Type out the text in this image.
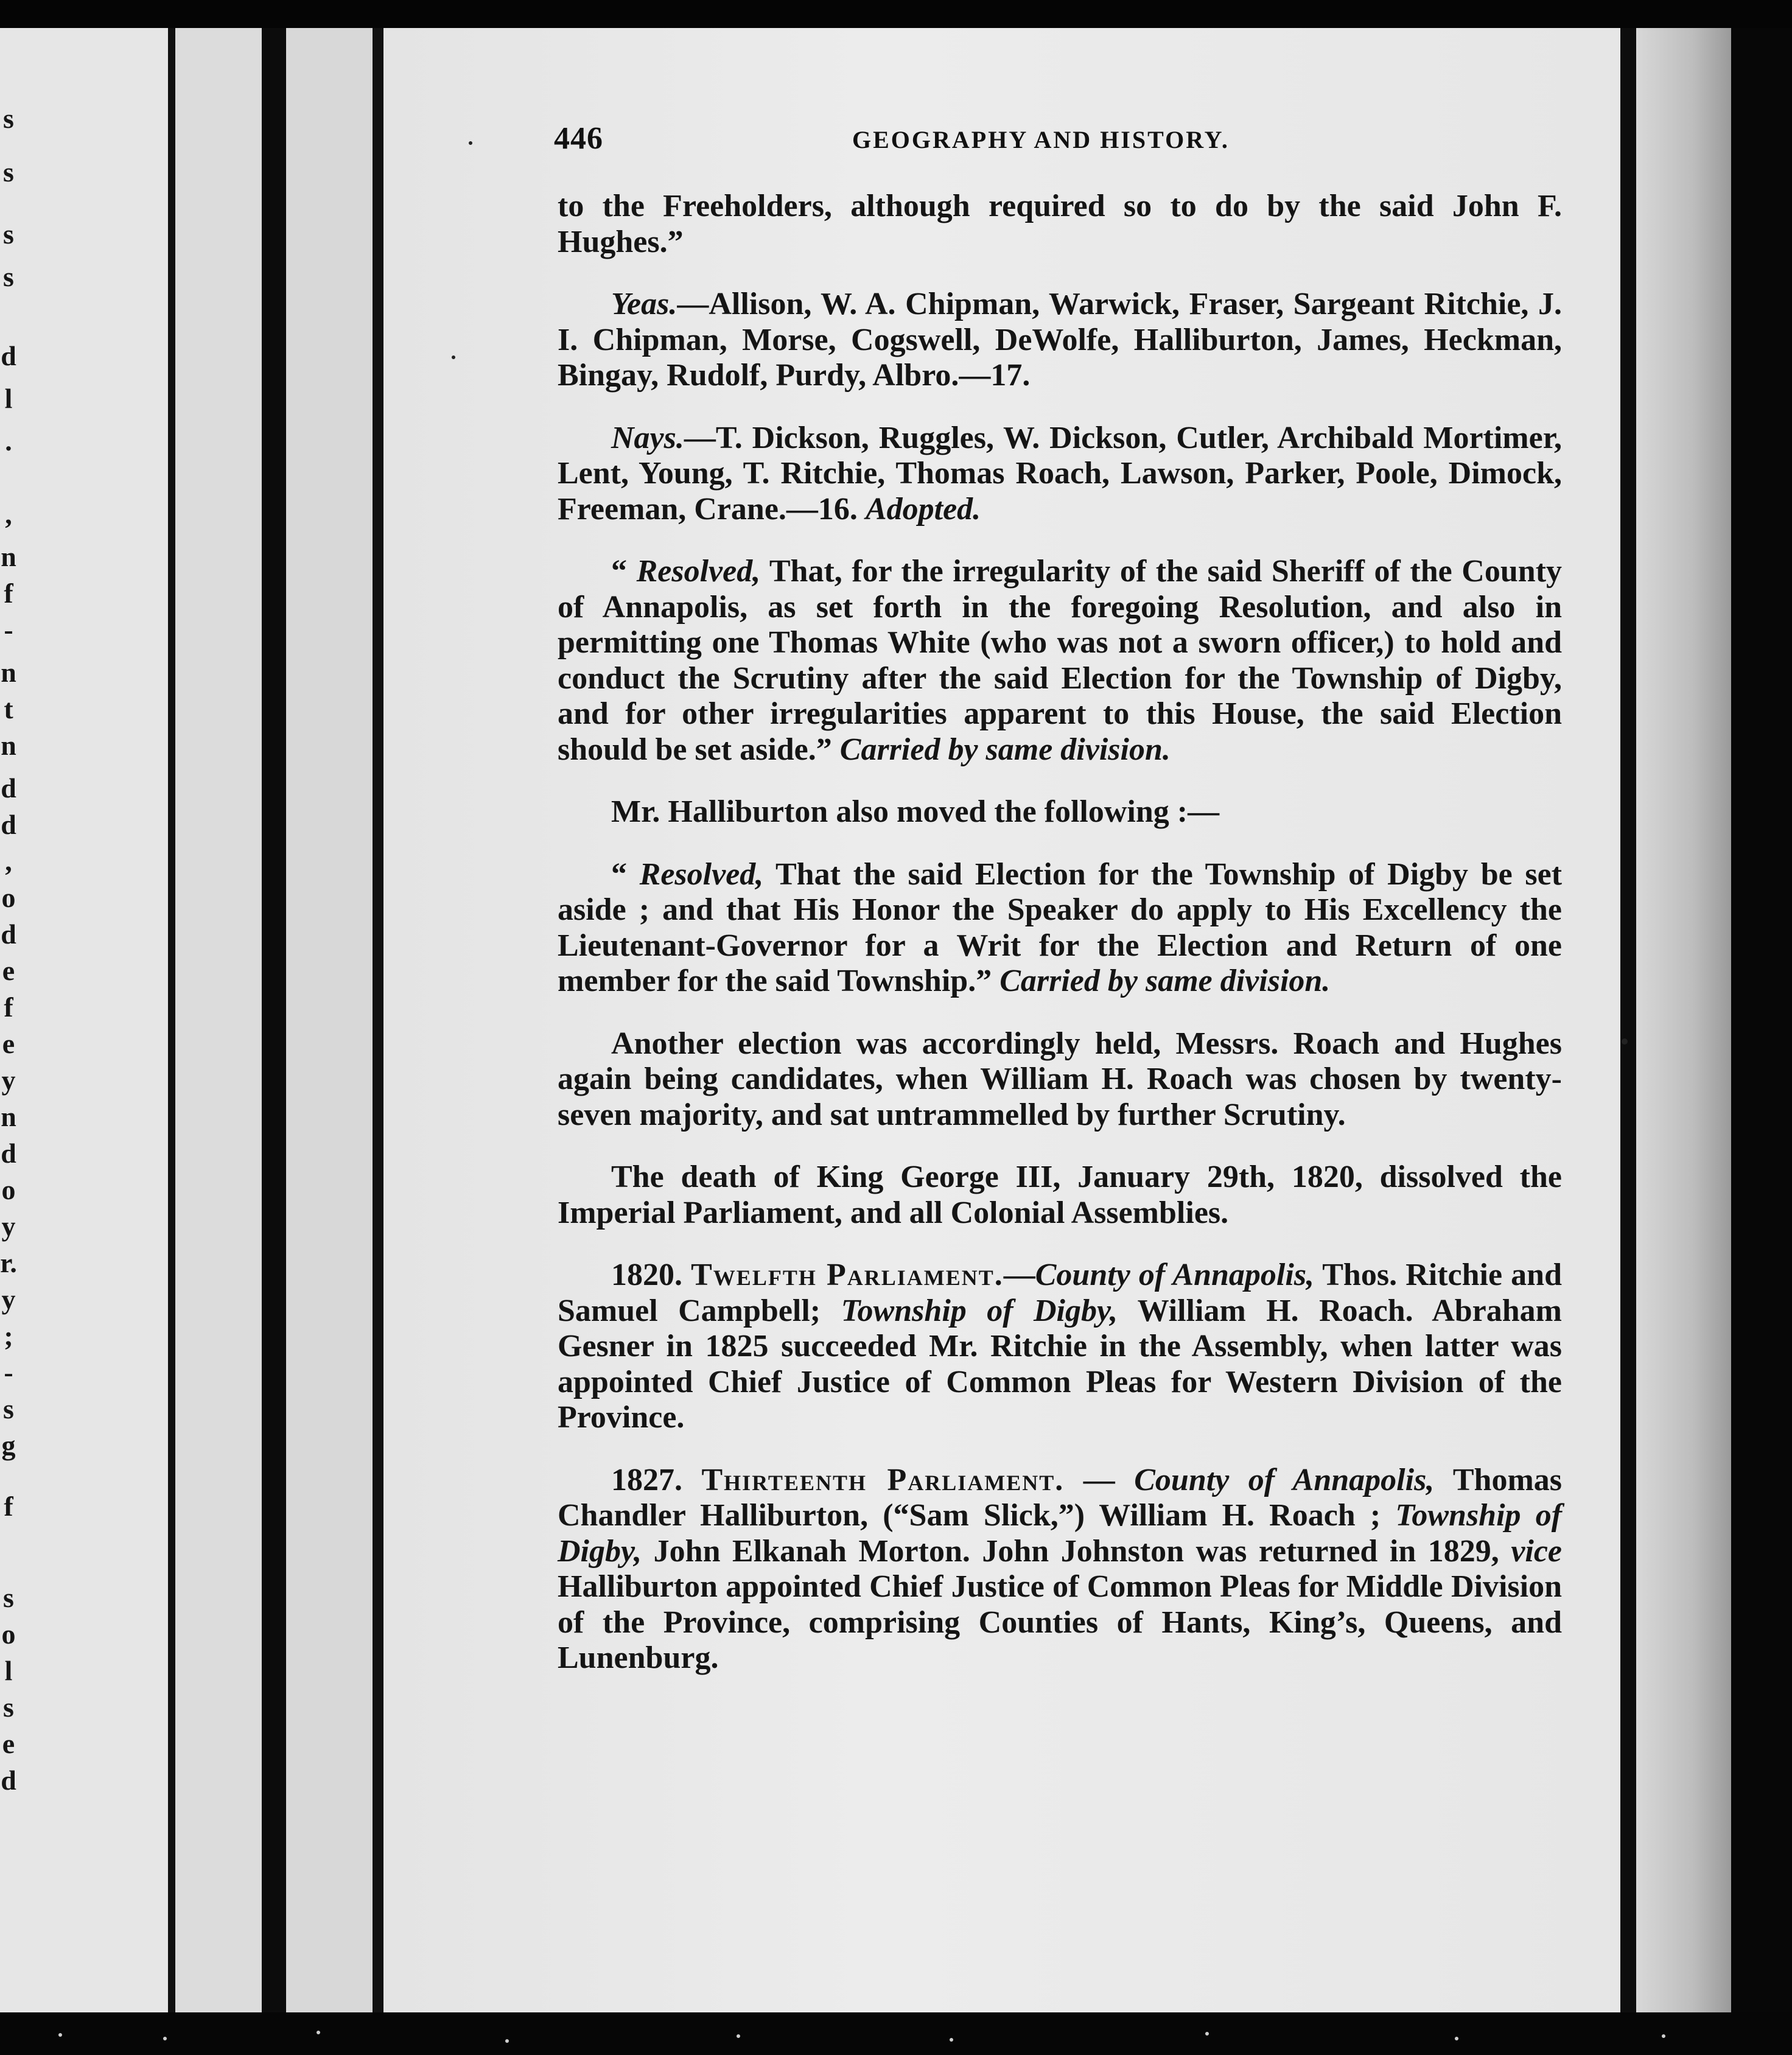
s
s
s
s
d
l
.
,
n
f
-
n
t
n
d
d
,
o
d
e
f
e
y
n
d
o
y
r.
y
;
-
s
g
f
s
o
l
s
e
d
446	GEOGRAPHY AND HISTORY.

to the Freeholders, although required so to do by the said John F. Hughes.”

Yeas.—Allison, W. A. Chipman, Warwick, Fraser, Sargeant Ritchie, J. I. Chipman, Morse, Cogswell, DeWolfe, Halliburton, James, Heckman, Bingay, Rudolf, Purdy, Albro.—17.

Nays.—T. Dickson, Ruggles, W. Dickson, Cutler, Archibald Mortimer, Lent, Young, T. Ritchie, Thomas Roach, Lawson, Parker, Poole, Dimock, Freeman, Crane.—16. Adopted.

“ Resolved, That, for the irregularity of the said Sheriff of the County of Annapolis, as set forth in the foregoing Resolution, and also in permitting one Thomas White (who was not a sworn officer,) to hold and conduct the Scrutiny after the said Election for the Township of Digby, and for other irregularities apparent to this House, the said Election should be set aside.” Carried by same division.

Mr. Halliburton also moved the following :—

“ Resolved, That the said Election for the Township of Digby be set aside ; and that His Honor the Speaker do apply to His Excellency the Lieutenant-Governor for a Writ for the Election and Return of one member for the said Township.” Carried by same division.

Another election was accordingly held, Messrs. Roach and Hughes again being candidates, when William H. Roach was chosen by twenty-seven majority, and sat untrammelled by further Scrutiny.

The death of King George III, January 29th, 1820, dissolved the Imperial Parliament, and all Colonial Assemblies.

1820. Twelfth Parliament.—County of Annapolis, Thos. Ritchie and Samuel Campbell; Township of Digby, William H. Roach. Abraham Gesner in 1825 succeeded Mr. Ritchie in the Assembly, when latter was appointed Chief Justice of Common Pleas for Western Division of the Province.

1827. Thirteenth Parliament. — County of Annapolis, Thomas Chandler Halliburton, (“Sam Slick,”) William H. Roach ; Township of Digby, John Elkanah Morton. John Johnston was returned in 1829, vice Halliburton appointed Chief Justice of Common Pleas for Middle Division of the Province, comprising Counties of Hants, King’s, Queens, and Lunenburg.
